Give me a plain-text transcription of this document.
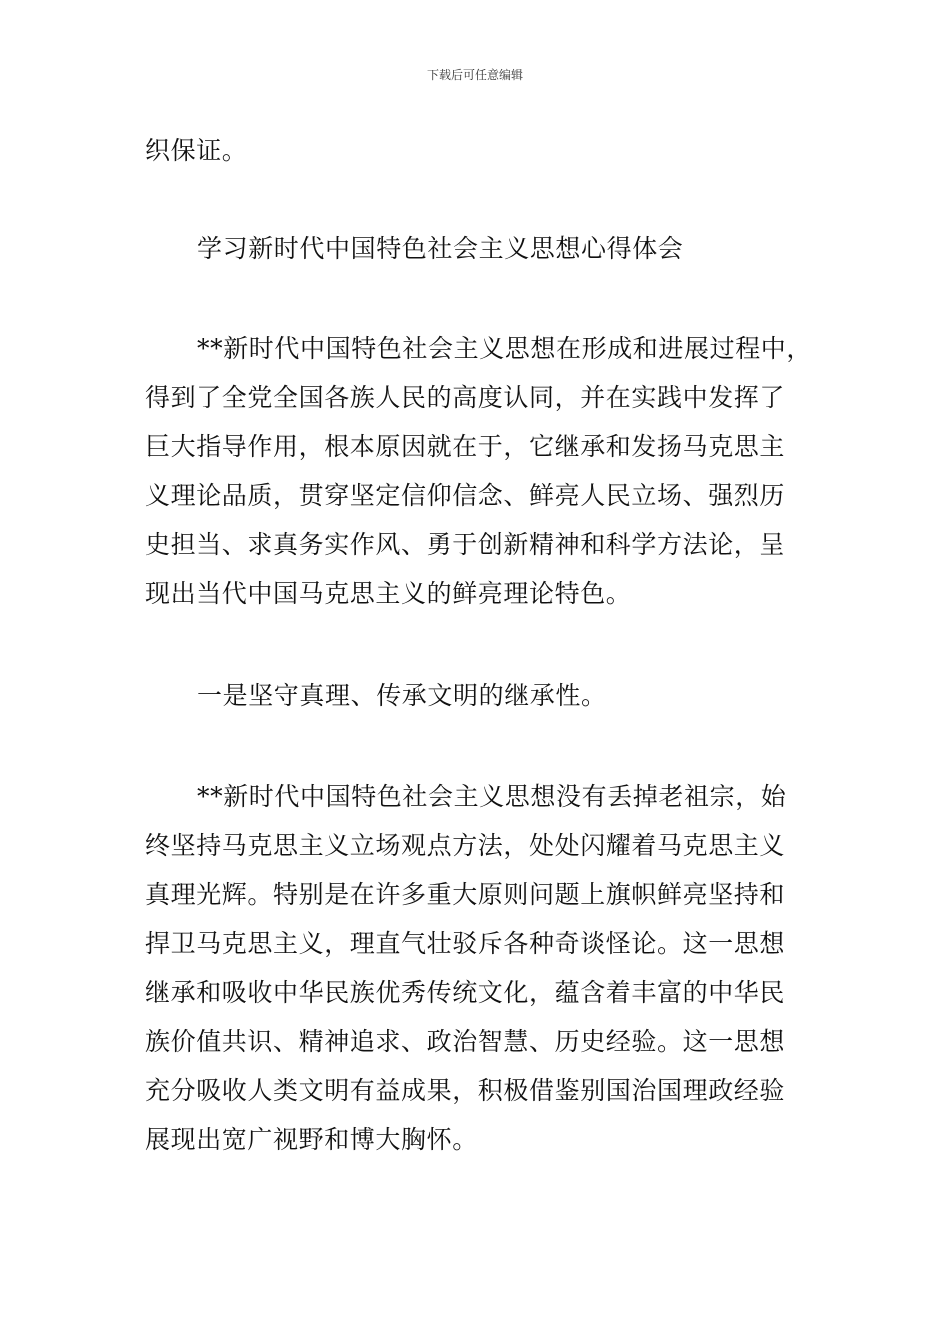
下载后可任意编辑
织保证。
学习新时代中国特色社会主义思想心得体会
**新时代中国特色社会主义思想在形成和进展过程中，
得到了全党全国各族人民的高度认同，并在实践中发挥了
巨大指导作用，根本原因就在于，它继承和发扬马克思主
义理论品质，贯穿坚定信仰信念、鲜亮人民立场、强烈历
史担当、求真务实作风、勇于创新精神和科学方法论，呈
现出当代中国马克思主义的鲜亮理论特色。
一是坚守真理、传承文明的继承性。
**新时代中国特色社会主义思想没有丢掉老祖宗，始
终坚持马克思主义立场观点方法，处处闪耀着马克思主义
真理光辉。特别是在许多重大原则问题上旗帜鲜亮坚持和
捍卫马克思主义，理直气壮驳斥各种奇谈怪论。这一思想
继承和吸收中华民族优秀传统文化，蕴含着丰富的中华民
族价值共识、精神追求、政治智慧、历史经验。这一思想
充分吸收人类文明有益成果，积极借鉴别国治国理政经验
展现出宽广视野和博大胸怀。
